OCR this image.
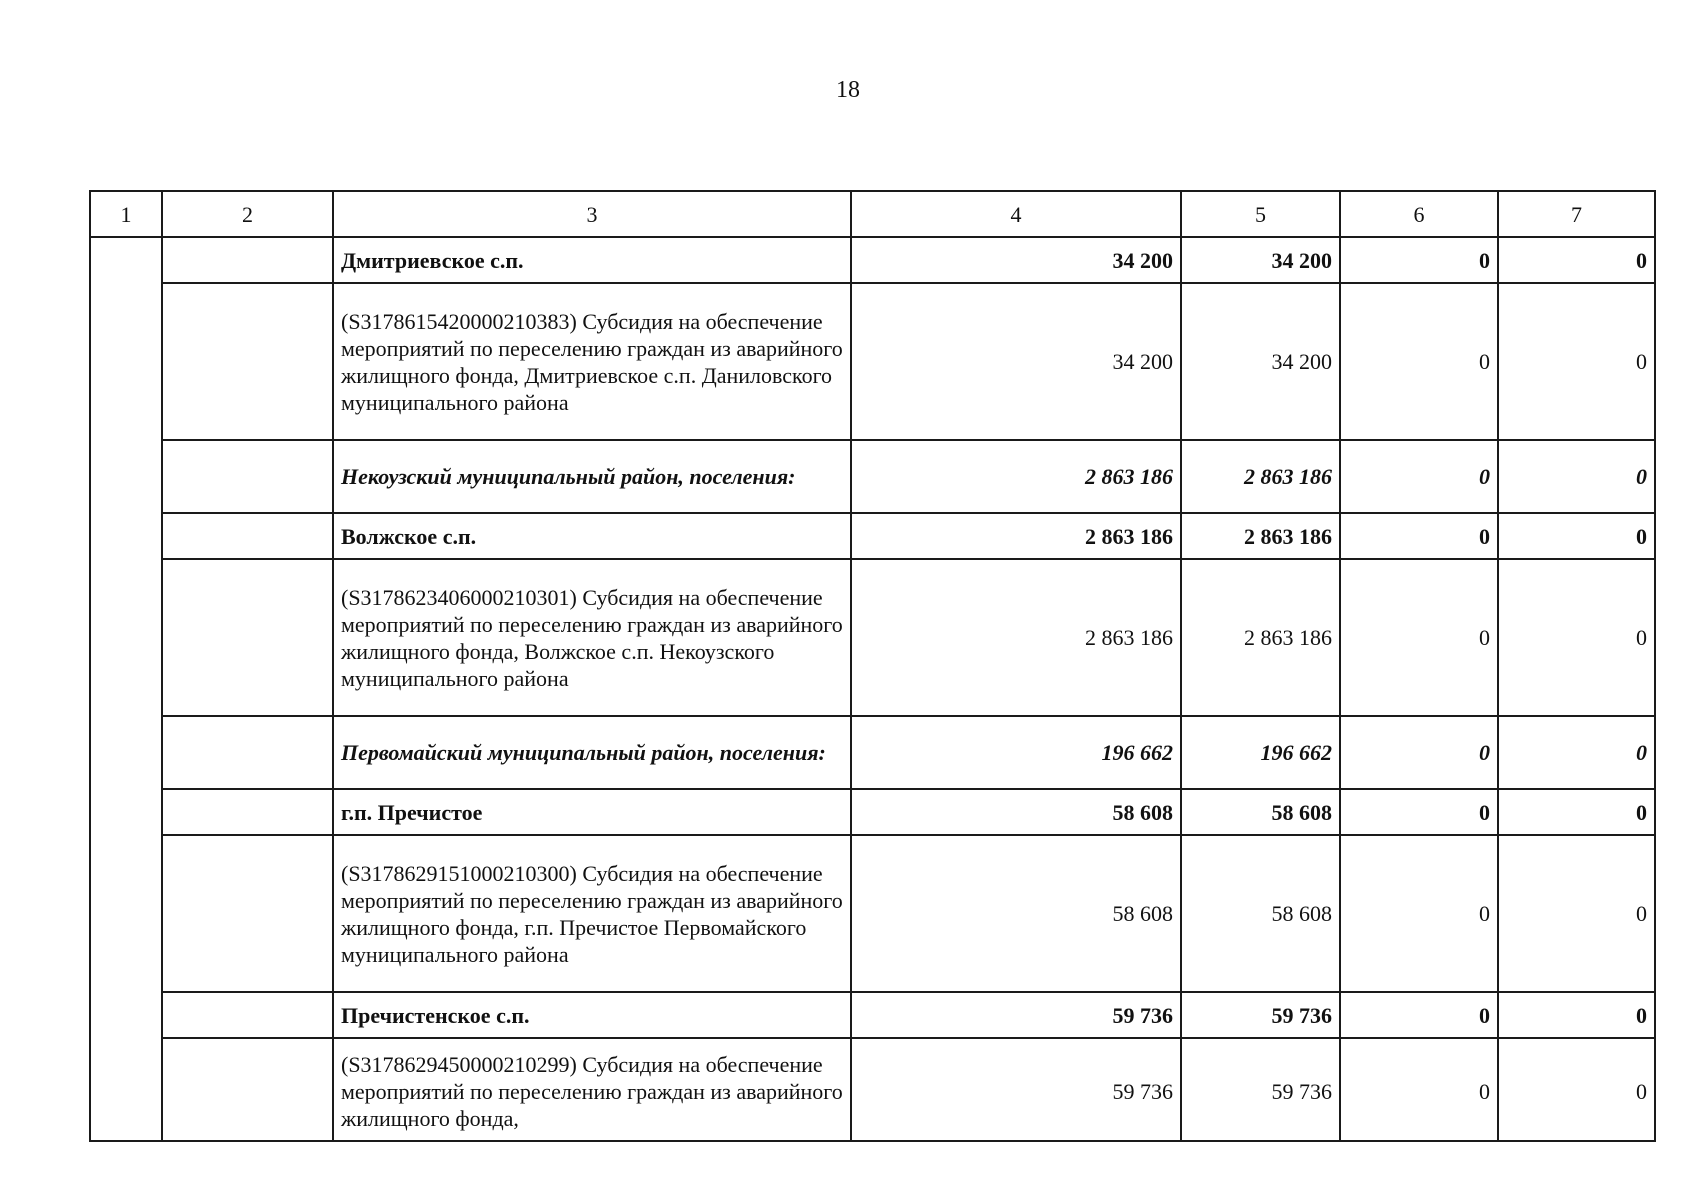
18
1	2	3	4	5	6	7
		Дмитриевское с.п.	34 200	34 200	0	0
		(S3178615420000210383) Субсидия на обеспечение мероприятий по переселению граждан из аварийного жилищного фонда, Дмитриевское с.п. Даниловского муниципального района	34 200	34 200	0	0
		Некоузский муниципальный район, поселения:	2 863 186	2 863 186	0	0
		Волжское с.п.	2 863 186	2 863 186	0	0
		(S3178623406000210301) Субсидия на обеспечение мероприятий по переселению граждан из аварийного жилищного фонда, Волжское с.п. Некоузского муниципального района	2 863 186	2 863 186	0	0
		Первомайский муниципальный район, поселения:	196 662	196 662	0	0
		г.п. Пречистое	58 608	58 608	0	0
		(S3178629151000210300) Субсидия на обеспечение мероприятий по переселению граждан из аварийного жилищного фонда, г.п. Пречистое Первомайского муниципального района	58 608	58 608	0	0
		Пречистенское с.п.	59 736	59 736	0	0
		(S3178629450000210299) Субсидия на обеспечение мероприятий по переселению граждан из аварийного жилищного фонда,	59 736	59 736	0	0
